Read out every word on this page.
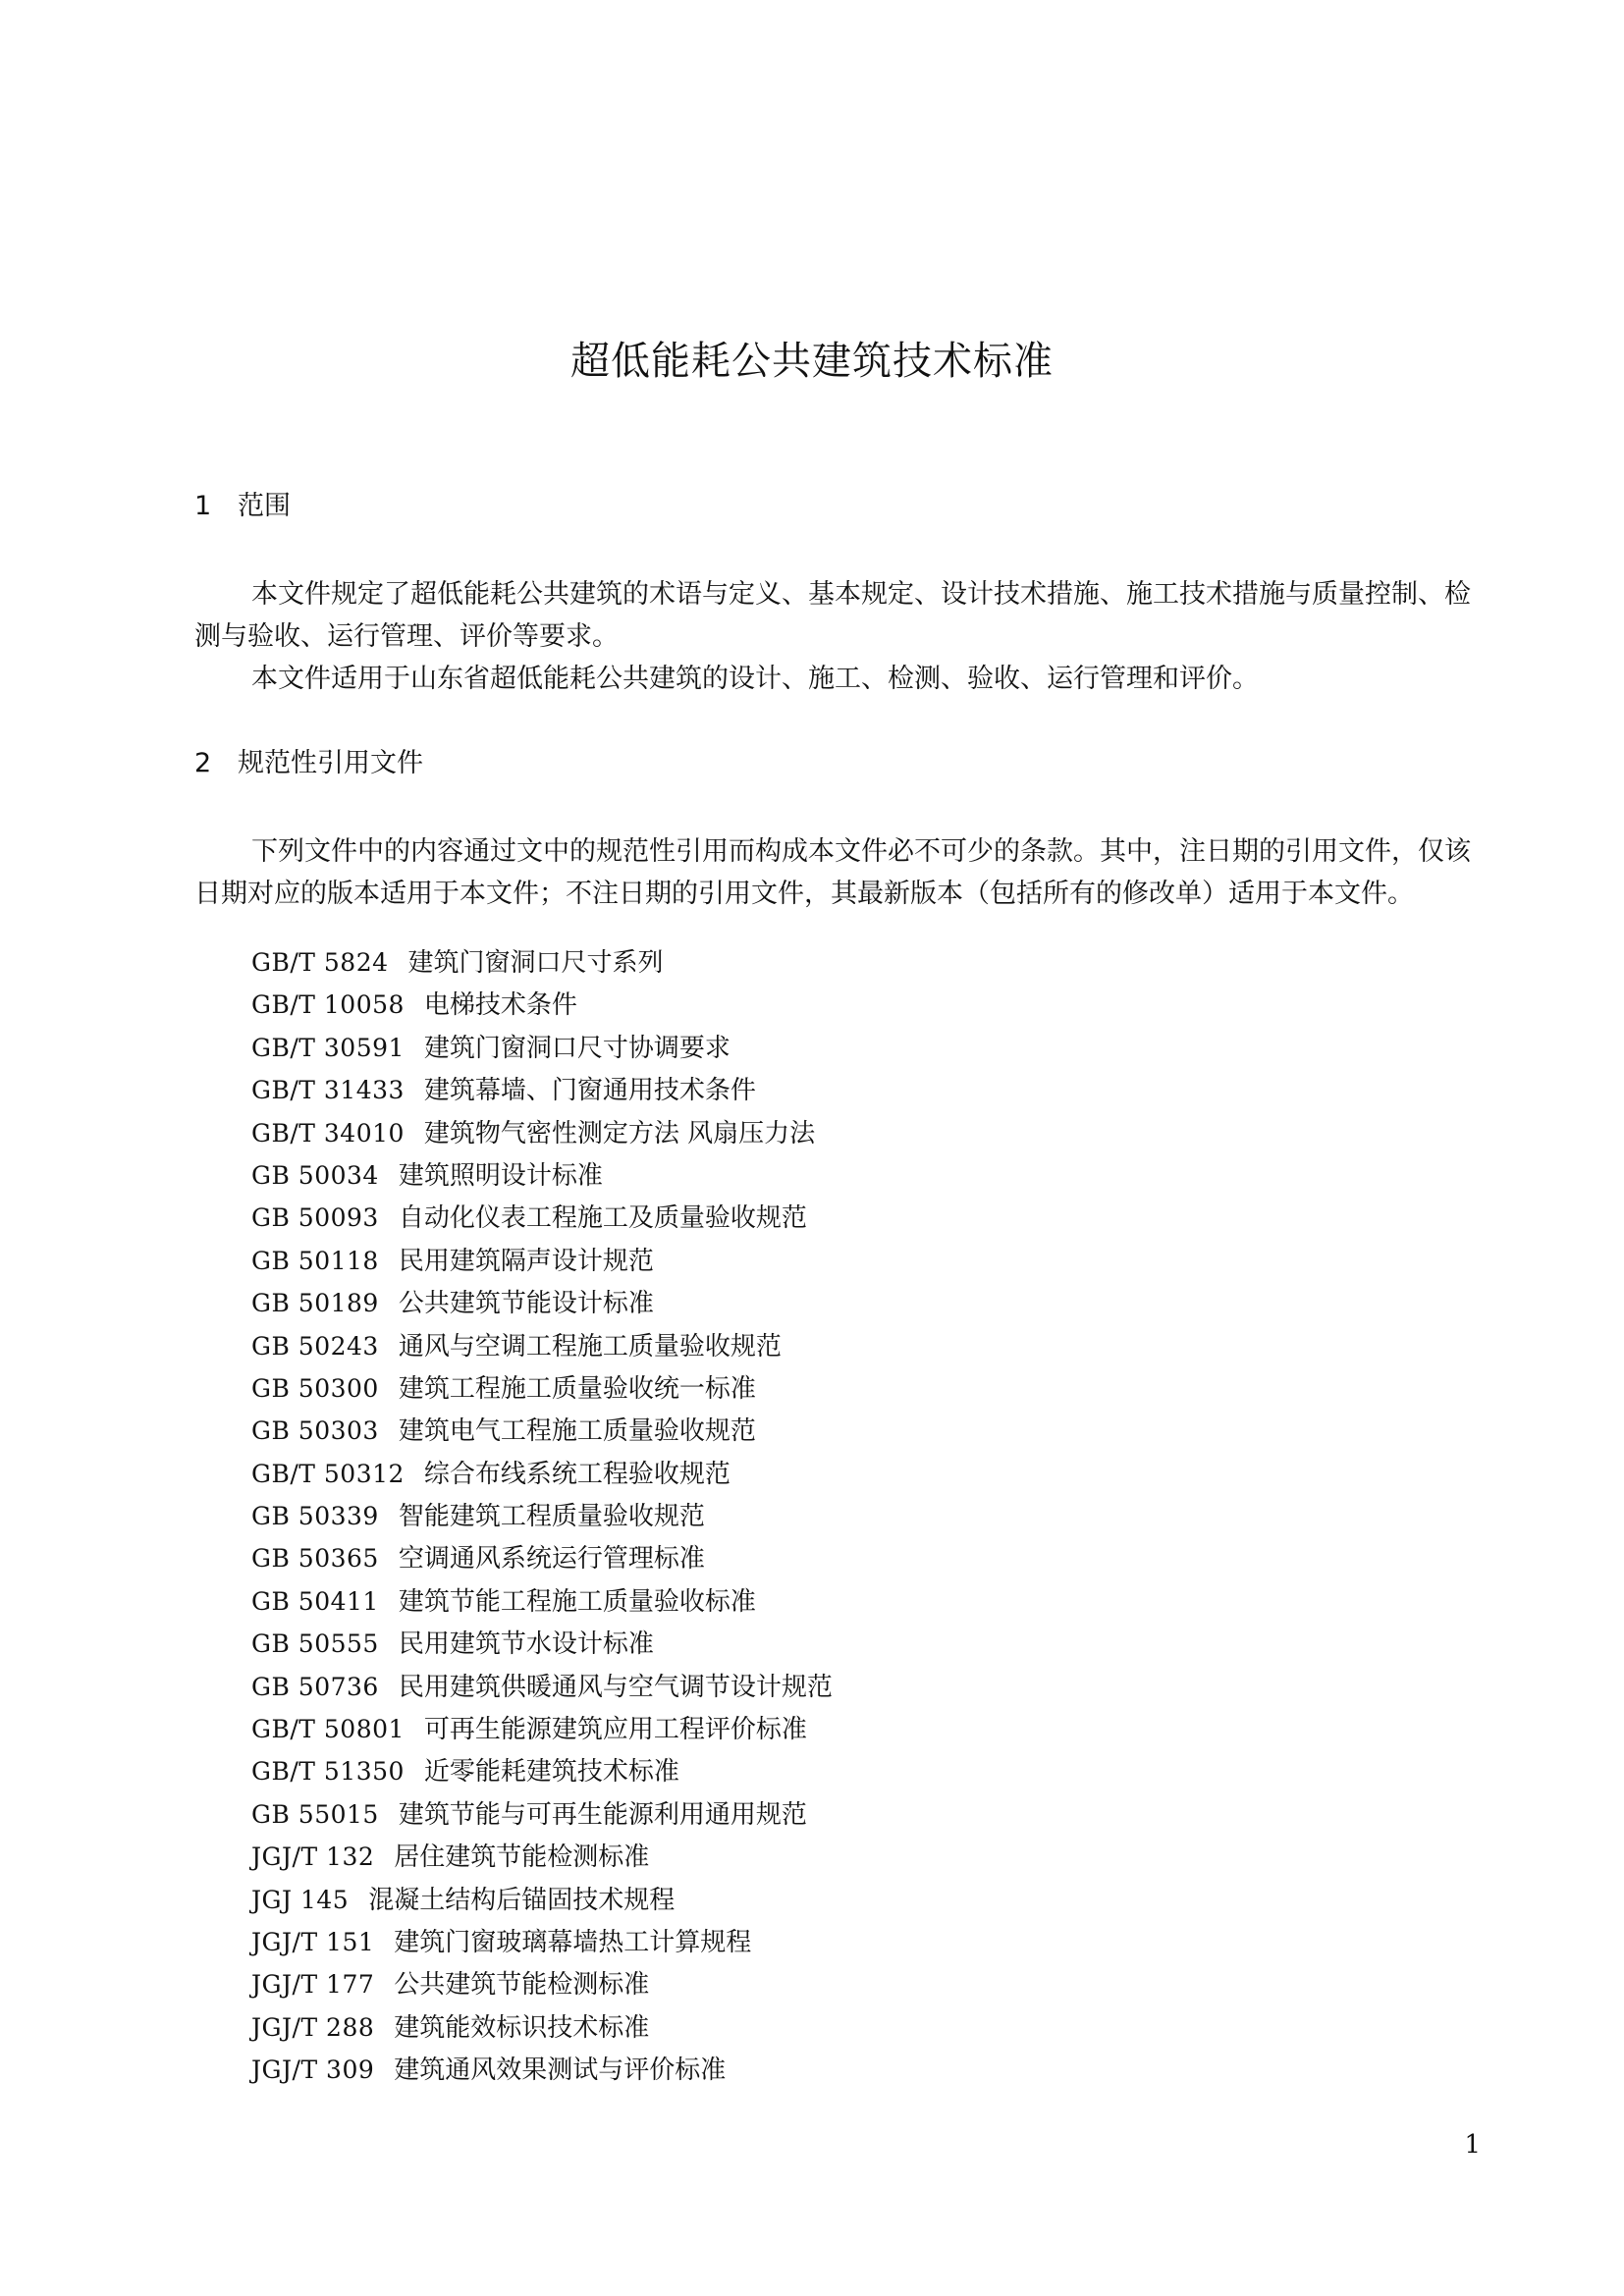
超低能耗公共建筑技术标准
1 范围
本文件规定了超低能耗公共建筑的术语与定义、基本规定、设计技术措施、施工技术措施与质量控制、检测与验收、运行管理、评价等要求。
本文件适用于山东省超低能耗公共建筑的设计、施工、检测、验收、运行管理和评价。
2 规范性引用文件
下列文件中的内容通过文中的规范性引用而构成本文件必不可少的条款。其中，注日期的引用文件，仅该日期对应的版本适用于本文件；不注日期的引用文件，其最新版本（包括所有的修改单）适用于本文件。
GB/T 5824 建筑门窗洞口尺寸系列
GB/T 10058 电梯技术条件
GB/T 30591 建筑门窗洞口尺寸协调要求
GB/T 31433 建筑幕墙、门窗通用技术条件
GB/T 34010 建筑物气密性测定方法 风扇压力法
GB 50034 建筑照明设计标准
GB 50093 自动化仪表工程施工及质量验收规范
GB 50118 民用建筑隔声设计规范
GB 50189 公共建筑节能设计标准
GB 50243 通风与空调工程施工质量验收规范
GB 50300 建筑工程施工质量验收统一标准
GB 50303 建筑电气工程施工质量验收规范
GB/T 50312 综合布线系统工程验收规范
GB 50339 智能建筑工程质量验收规范
GB 50365 空调通风系统运行管理标准
GB 50411 建筑节能工程施工质量验收标准
GB 50555 民用建筑节水设计标准
GB 50736 民用建筑供暖通风与空气调节设计规范
GB/T 50801 可再生能源建筑应用工程评价标准
GB/T 51350 近零能耗建筑技术标准
GB 55015 建筑节能与可再生能源利用通用规范
JGJ/T 132 居住建筑节能检测标准
JGJ 145 混凝土结构后锚固技术规程
JGJ/T 151 建筑门窗玻璃幕墙热工计算规程
JGJ/T 177 公共建筑节能检测标准
JGJ/T 288 建筑能效标识技术标准
JGJ/T 309 建筑通风效果测试与评价标准
1
